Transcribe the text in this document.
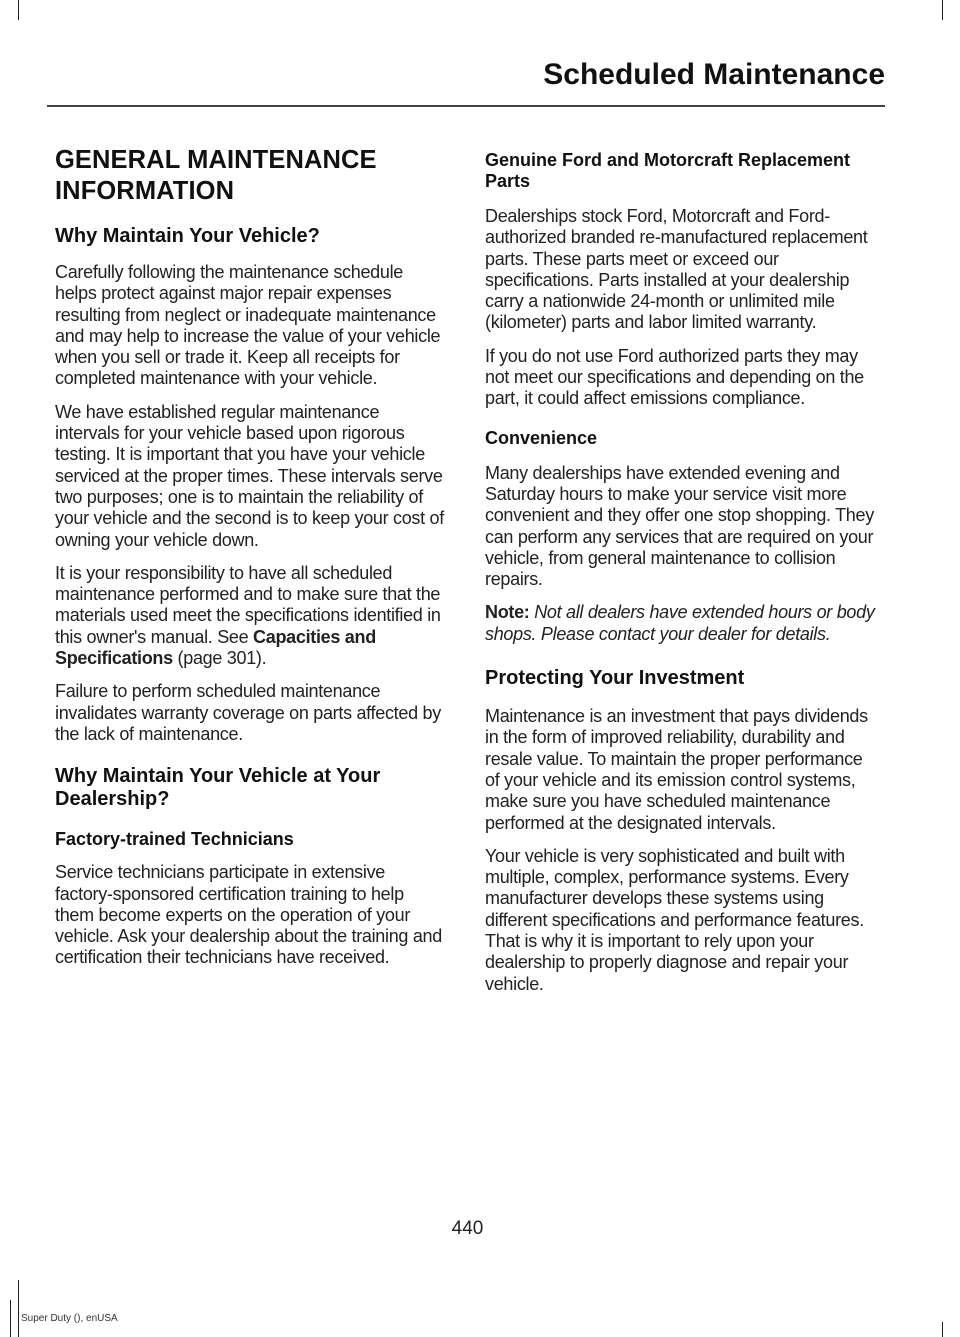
Scheduled Maintenance
GENERAL MAINTENANCE INFORMATION
Why Maintain Your Vehicle?

Carefully following the maintenance schedule helps protect against major repair expenses resulting from neglect or inadequate maintenance and may help to increase the value of your vehicle when you sell or trade it. Keep all receipts for completed maintenance with your vehicle.

We have established regular maintenance intervals for your vehicle based upon rigorous testing. It is important that you have your vehicle serviced at the proper times. These intervals serve two purposes; one is to maintain the reliability of your vehicle and the second is to keep your cost of owning your vehicle down.

It is your responsibility to have all scheduled maintenance performed and to make sure that the materials used meet the specifications identified in this owner's manual. See Capacities and Specifications (page 301).

Failure to perform scheduled maintenance invalidates warranty coverage on parts affected by the lack of maintenance.

Why Maintain Your Vehicle at Your Dealership?
Factory-trained Technicians

Service technicians participate in extensive factory-sponsored certification training to help them become experts on the operation of your vehicle. Ask your dealership about the training and certification their technicians have received.

Genuine Ford and Motorcraft Replacement Parts

Dealerships stock Ford, Motorcraft and Ford-authorized branded re-manufactured replacement parts. These parts meet or exceed our specifications. Parts installed at your dealership carry a nationwide 24-month or unlimited mile (kilometer) parts and labor limited warranty.

If you do not use Ford authorized parts they may not meet our specifications and depending on the part, it could affect emissions compliance.

Convenience

Many dealerships have extended evening and Saturday hours to make your service visit more convenient and they offer one stop shopping. They can perform any services that are required on your vehicle, from general maintenance to collision repairs.

Note: Not all dealers have extended hours or body shops. Please contact your dealer for details.

Protecting Your Investment

Maintenance is an investment that pays dividends in the form of improved reliability, durability and resale value. To maintain the proper performance of your vehicle and its emission control systems, make sure you have scheduled maintenance performed at the designated intervals.

Your vehicle is very sophisticated and built with multiple, complex, performance systems. Every manufacturer develops these systems using different specifications and performance features. That is why it is important to rely upon your dealership to properly diagnose and repair your vehicle.

440
Super Duty (), enUSA
